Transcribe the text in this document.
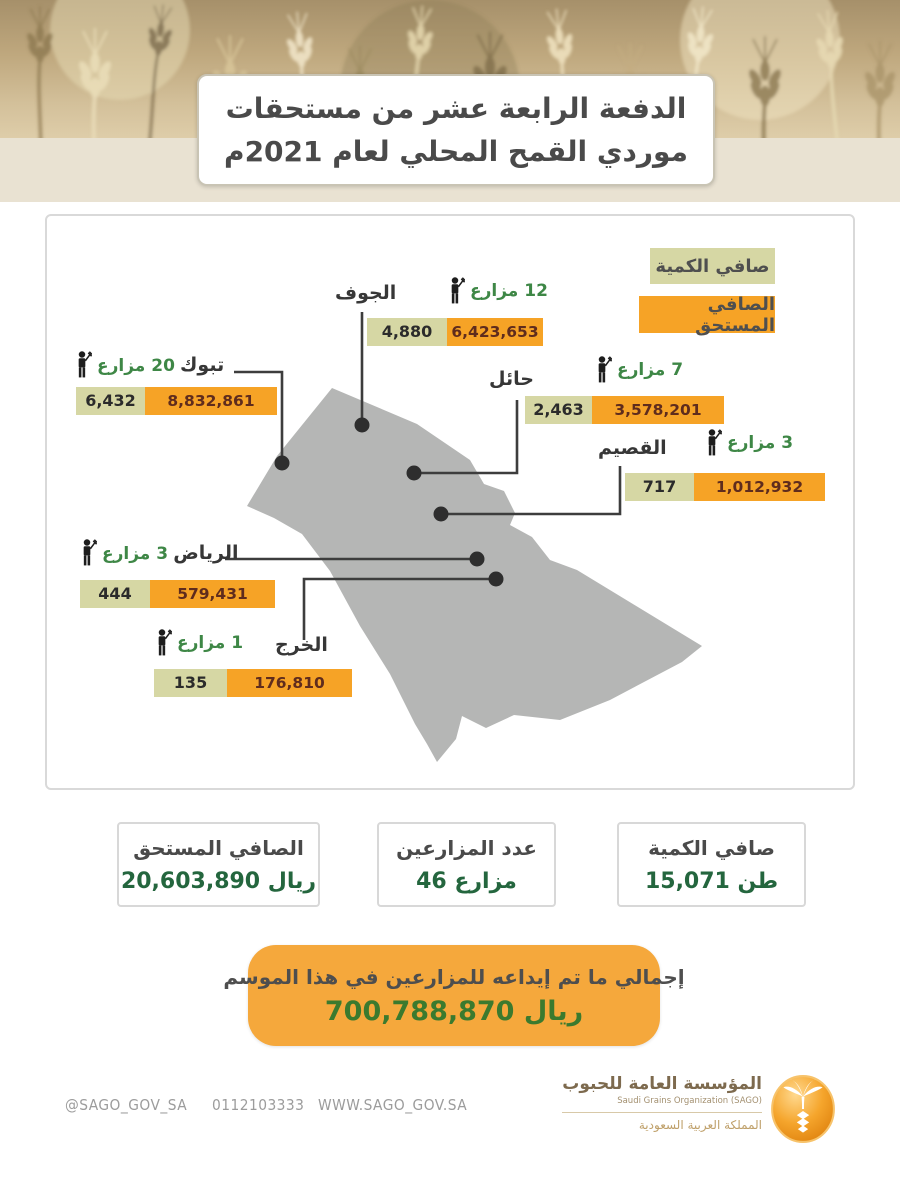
الدفعة الرابعة عشر من مستحقات
موردي القمح المحلي لعام 2021م
صافي الكمية
الصافي المستحق
الجوف	12 مزارع
4,880	6,423,653
تبوك 20 مزارع
6,432	8,832,861
حائل	7 مزارع
2,463	3,578,201
القصيم	3 مزارع
717	1,012,932
الرياض 3 مزارع
444	579,431
1 مزارع الخرج
135	176,810
الصافي المستحق
20,603,890 ريال
عدد المزارعين
46 مزارع
صافي الكمية
15,071 طن
إجمالي ما تم إيداعه للمزارعين في هذا الموسم
700,788,870 ريال
@SAGO_GOV_SA 0112103333 WWW.SAGO_GOV.SA
المؤسسة العامة للحبوب
Saudi Grains Organization (SAGO)
المملكة العربية السعودية
